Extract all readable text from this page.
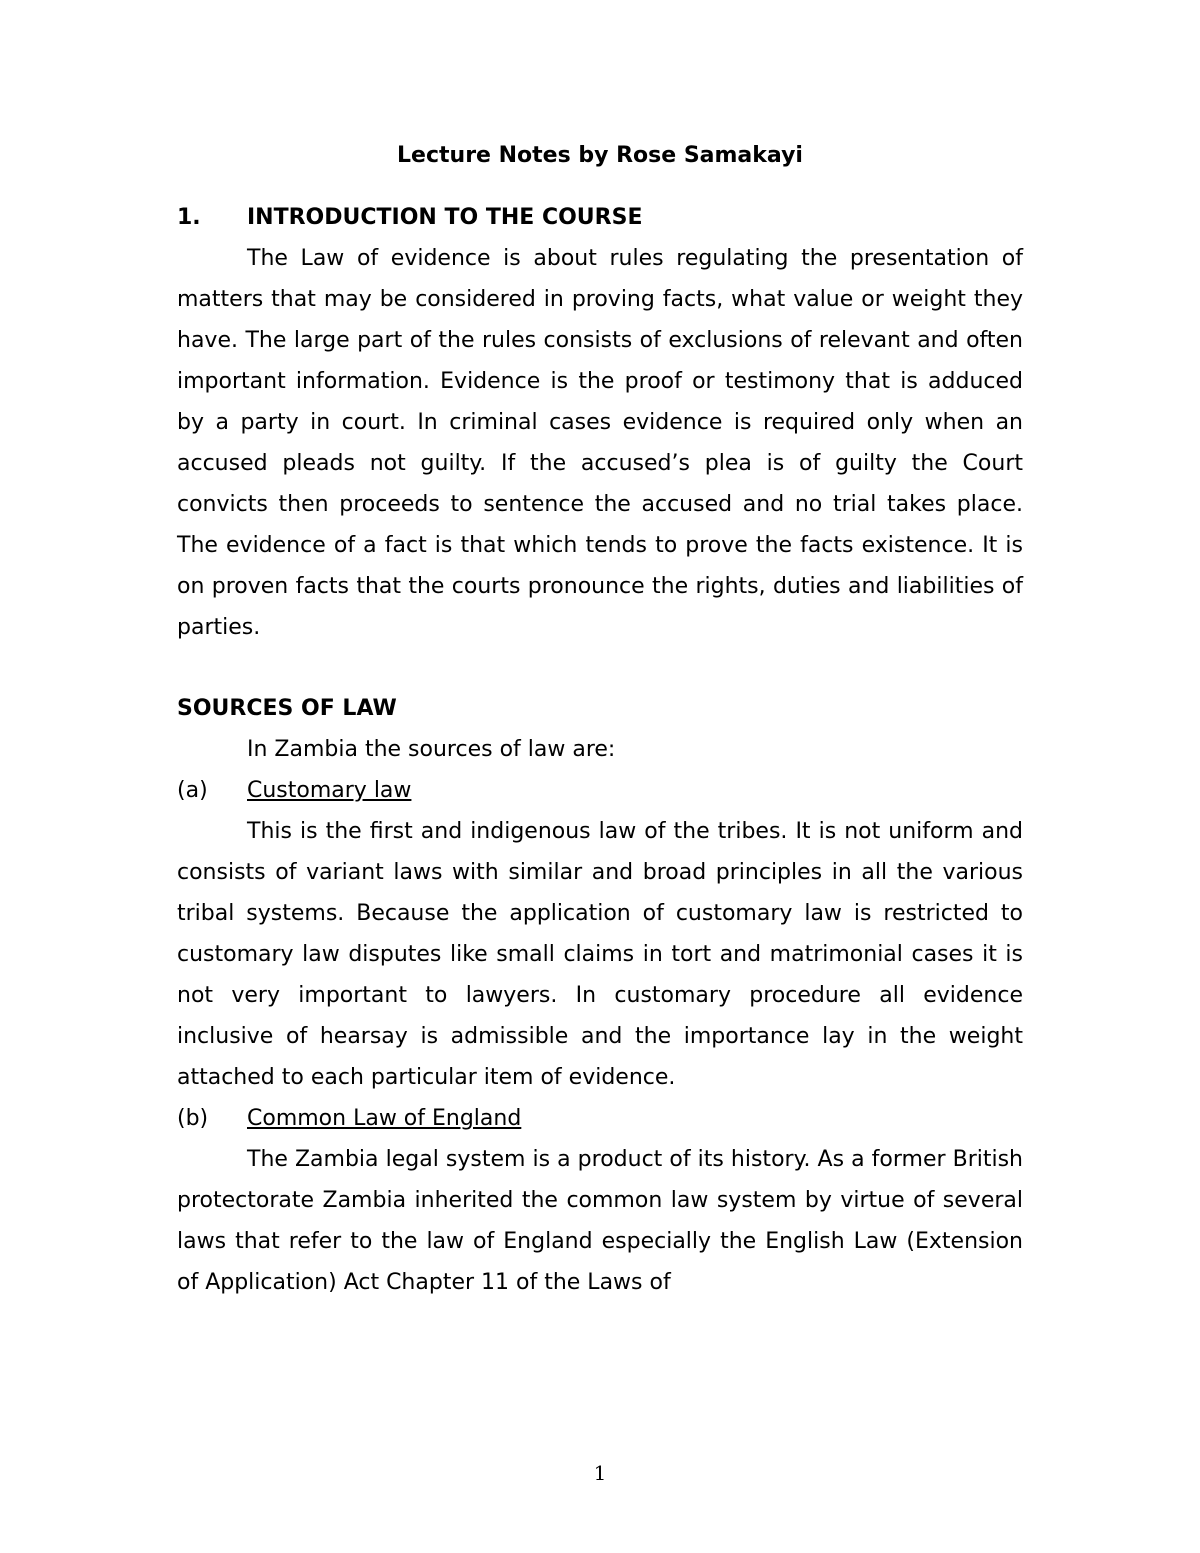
Lecture Notes by Rose Samakayi

1.	INTRODUCTION TO THE COURSE

The Law of evidence is about rules regulating the presentation of matters that may be considered in proving facts, what value or weight they have. The large part of the rules consists of exclusions of relevant and often important information. Evidence is the proof or testimony that is adduced by a party in court. In criminal cases evidence is required only when an accused pleads not guilty. If the accused’s plea is of guilty the Court convicts then proceeds to sentence the accused and no trial takes place. The evidence of a fact is that which tends to prove the facts existence. It is on proven facts that the courts pronounce the rights, duties and liabilities of parties.

SOURCES OF LAW

In Zambia the sources of law are:

(a)	Customary law

This is the first and indigenous law of the tribes. It is not uniform and consists of variant laws with similar and broad principles in all the various tribal systems. Because the application of customary law is restricted to customary law disputes like small claims in tort and matrimonial cases it is not very important to lawyers. In customary procedure all evidence inclusive of hearsay is admissible and the importance lay in the weight attached to each particular item of evidence.

(b)	Common Law of England

The Zambia legal system is a product of its history. As a former British protectorate Zambia inherited the common law system by virtue of several laws that refer to the law of England especially the English Law (Extension of Application) Act Chapter 11 of the Laws of

1
